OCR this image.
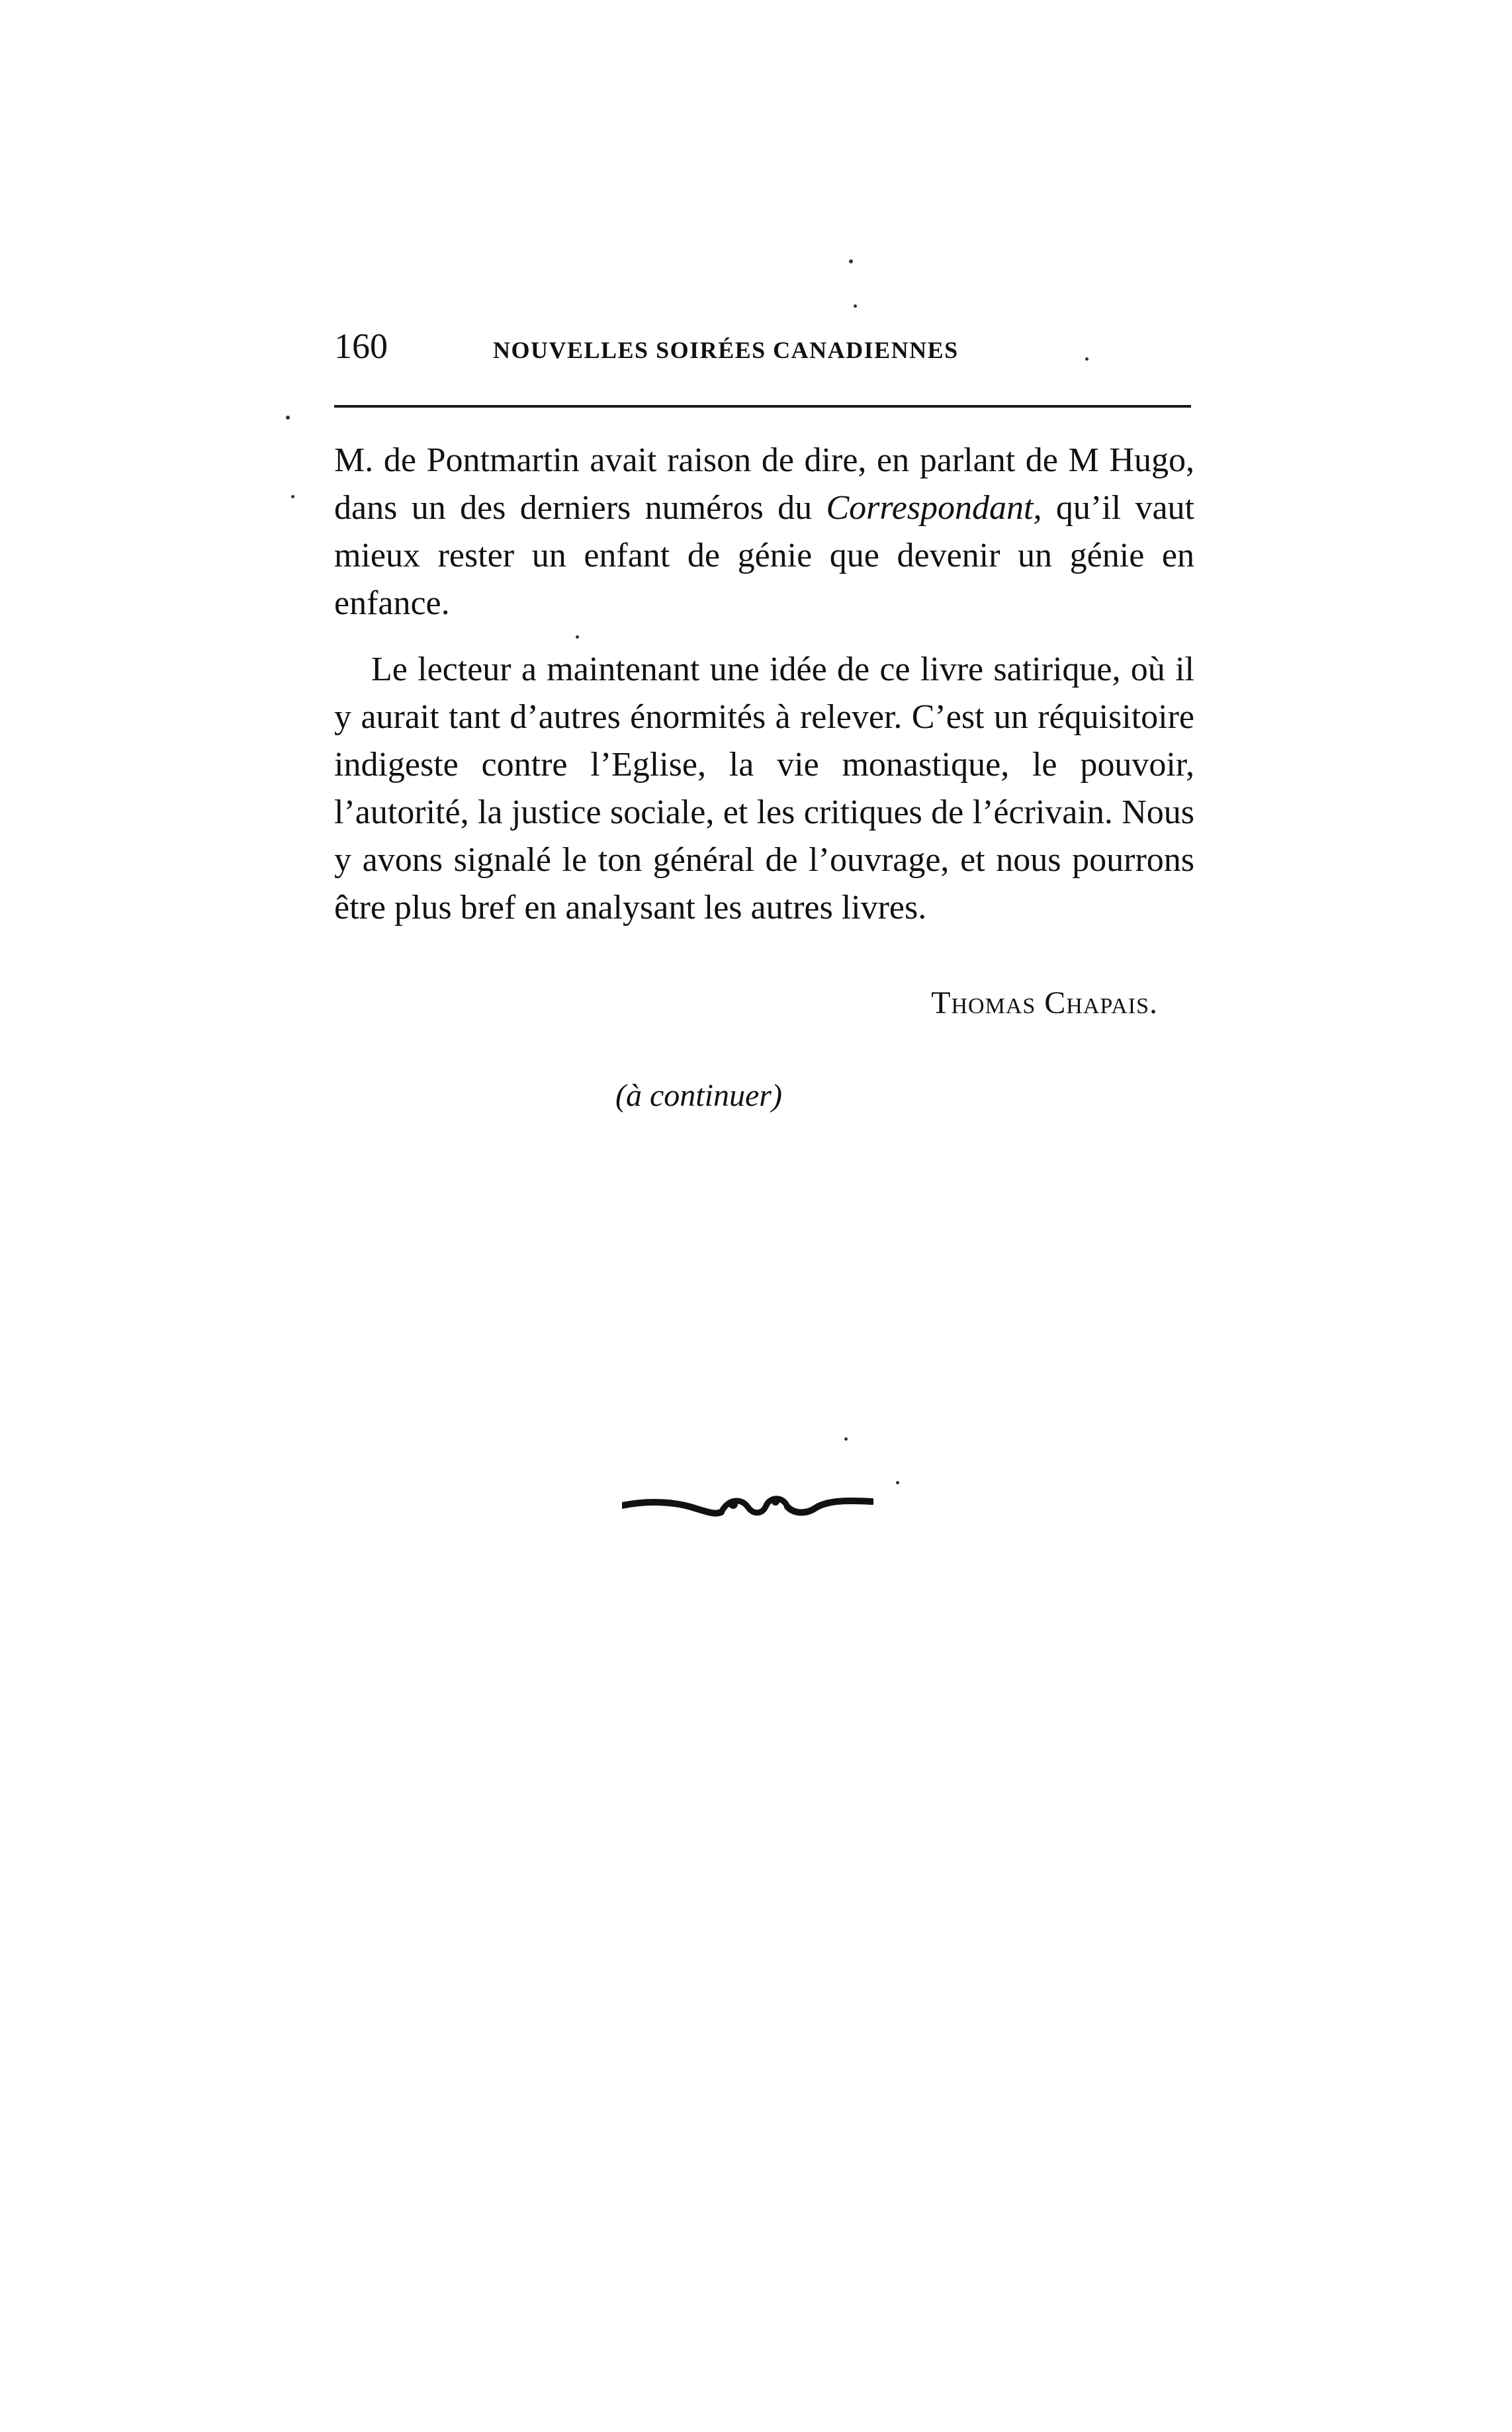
160	NOUVELLES SOIRÉES CANADIENNES

M. de Pontmartin avait raison de dire, en parlant de M Hugo, dans un des derniers numéros du Correspondant, qu’il vaut mieux rester un enfant de génie que devenir un génie en enfance.

Le lecteur a maintenant une idée de ce livre satirique, où il y aurait tant d’autres énormités à relever. C’est un réquisitoire indigeste contre l’Eglise, la vie monastique, le pouvoir, l’autorité, la justice sociale, et les critiques de l’écrivain. Nous y avons signalé le ton général de l’ouvrage, et nous pourrons être plus bref en analysant les autres livres.

Thomas Chapais.
(à continuer)
